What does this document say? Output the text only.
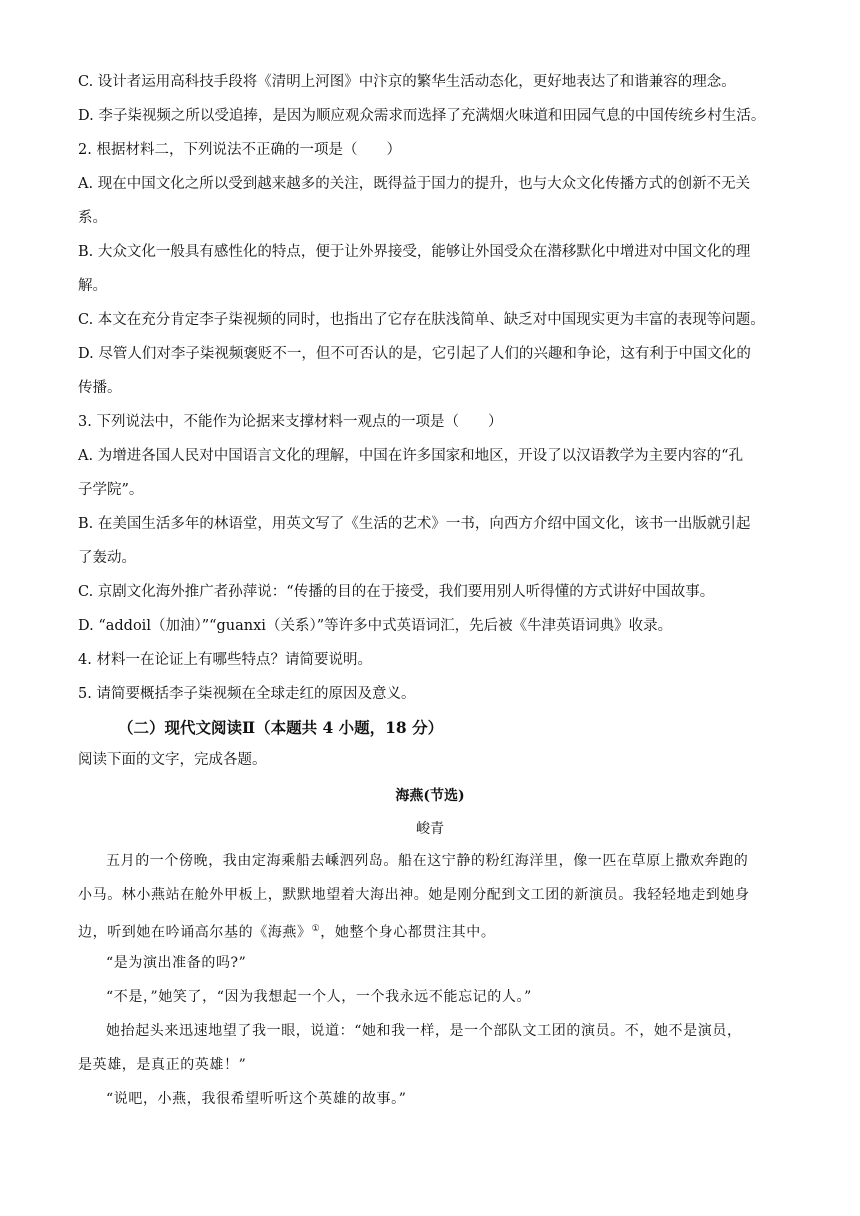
C. 设计者运用高科技手段将《清明上河图》中汴京的繁华生活动态化，更好地表达了和谐兼容的理念。
D. 李子柒视频之所以受追捧，是因为顺应观众需求而选择了充满烟火味道和田园气息的中国传统乡村生活。
2. 根据材料二，下列说法不正确的一项是（　　）
A. 现在中国文化之所以受到越来越多的关注，既得益于国力的提升，也与大众文化传播方式的创新不无关
系。
B. 大众文化一般具有感性化的特点，便于让外界接受，能够让外国受众在潜移默化中增进对中国文化的理
解。
C. 本文在充分肯定李子柒视频的同时，也指出了它存在肤浅简单、缺乏对中国现实更为丰富的表现等问题。
D. 尽管人们对李子柒视频褒贬不一，但不可否认的是，它引起了人们的兴趣和争论，这有利于中国文化的
传播。
3. 下列说法中，不能作为论据来支撑材料一观点的一项是（　　）
A. 为增进各国人民对中国语言文化的理解，中国在许多国家和地区，开设了以汉语教学为主要内容的“孔
子学院”。
B. 在美国生活多年的林语堂，用英文写了《生活的艺术》一书，向西方介绍中国文化，该书一出版就引起
了轰动。
C. 京剧文化海外推广者孙萍说：“传播的目的在于接受，我们要用别人听得懂的方式讲好中国故事。
D. “addoil（加油）”“guanxi（关系）”等许多中式英语词汇，先后被《牛津英语词典》收录。
4. 材料一在论证上有哪些特点？请简要说明。
5. 请简要概括李子柒视频在全球走红的原因及意义。
（二）现代文阅读Ⅱ（本题共 4 小题，18 分）
阅读下面的文字，完成各题。
海燕(节选)
峻青
五月的一个傍晚，我由定海乘船去嵊泗列岛。船在这宁静的粉红海洋里，像一匹在草原上撒欢奔跑的
小马。林小燕站在舱外甲板上，默默地望着大海出神。她是刚分配到文工团的新演员。我轻轻地走到她身
边，听到她在吟诵高尔基的《海燕》①，她整个身心都贯注其中。
“是为演出准备的吗?”
“不是，”她笑了，“因为我想起一个人，一个我永远不能忘记的人。”
她抬起头来迅速地望了我一眼，说道：“她和我一样，是一个部队文工团的演员。不，她不是演员，
是英雄，是真正的英雄！”
“说吧，小燕，我很希望听听这个英雄的故事。”
